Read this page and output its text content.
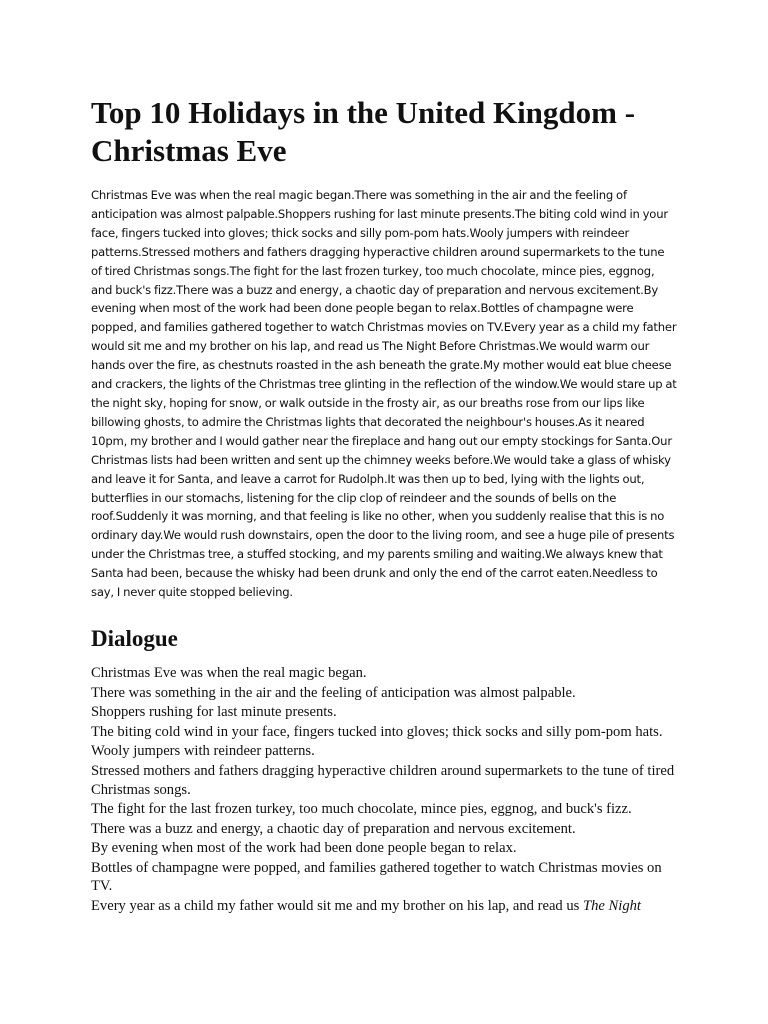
Top 10 Holidays in the United Kingdom - Christmas Eve

Christmas Eve was when the real magic began.There was something in the air and the feeling of anticipation was almost palpable.Shoppers rushing for last minute presents.The biting cold wind in your face, fingers tucked into gloves; thick socks and silly pom-pom hats.Wooly jumpers with reindeer patterns.Stressed mothers and fathers dragging hyperactive children around supermarkets to the tune of tired Christmas songs.The fight for the last frozen turkey, too much chocolate, mince pies, eggnog, and buck's fizz.There was a buzz and energy, a chaotic day of preparation and nervous excitement.By evening when most of the work had been done people began to relax.Bottles of champagne were popped, and families gathered together to watch Christmas movies on TV.Every year as a child my father would sit me and my brother on his lap, and read us The Night Before Christmas.We would warm our hands over the fire, as chestnuts roasted in the ash beneath the grate.My mother would eat blue cheese and crackers, the lights of the Christmas tree glinting in the reflection of the window.We would stare up at the night sky, hoping for snow, or walk outside in the frosty air, as our breaths rose from our lips like billowing ghosts, to admire the Christmas lights that decorated the neighbour's houses.As it neared 10pm, my brother and I would gather near the fireplace and hang out our empty stockings for Santa.Our Christmas lists had been written and sent up the chimney weeks before.We would take a glass of whisky and leave it for Santa, and leave a carrot for Rudolph.It was then up to bed, lying with the lights out, butterflies in our stomachs, listening for the clip clop of reindeer and the sounds of bells on the roof.Suddenly it was morning, and that feeling is like no other, when you suddenly realise that this is no ordinary day.We would rush downstairs, open the door to the living room, and see a huge pile of presents under the Christmas tree, a stuffed stocking, and my parents smiling and waiting.We always knew that Santa had been, because the whisky had been drunk and only the end of the carrot eaten.Needless to say, I never quite stopped believing.

Dialogue
Christmas Eve was when the real magic began.
There was something in the air and the feeling of anticipation was almost palpable.
Shoppers rushing for last minute presents.
The biting cold wind in your face, fingers tucked into gloves; thick socks and silly pom-pom hats.
Wooly jumpers with reindeer patterns.
Stressed mothers and fathers dragging hyperactive children around supermarkets to the tune of tired Christmas songs.
The fight for the last frozen turkey, too much chocolate, mince pies, eggnog, and buck's fizz.
There was a buzz and energy, a chaotic day of preparation and nervous excitement.
By evening when most of the work had been done people began to relax.
Bottles of champagne were popped, and families gathered together to watch Christmas movies on TV.
Every year as a child my father would sit me and my brother on his lap, and read us The Night
